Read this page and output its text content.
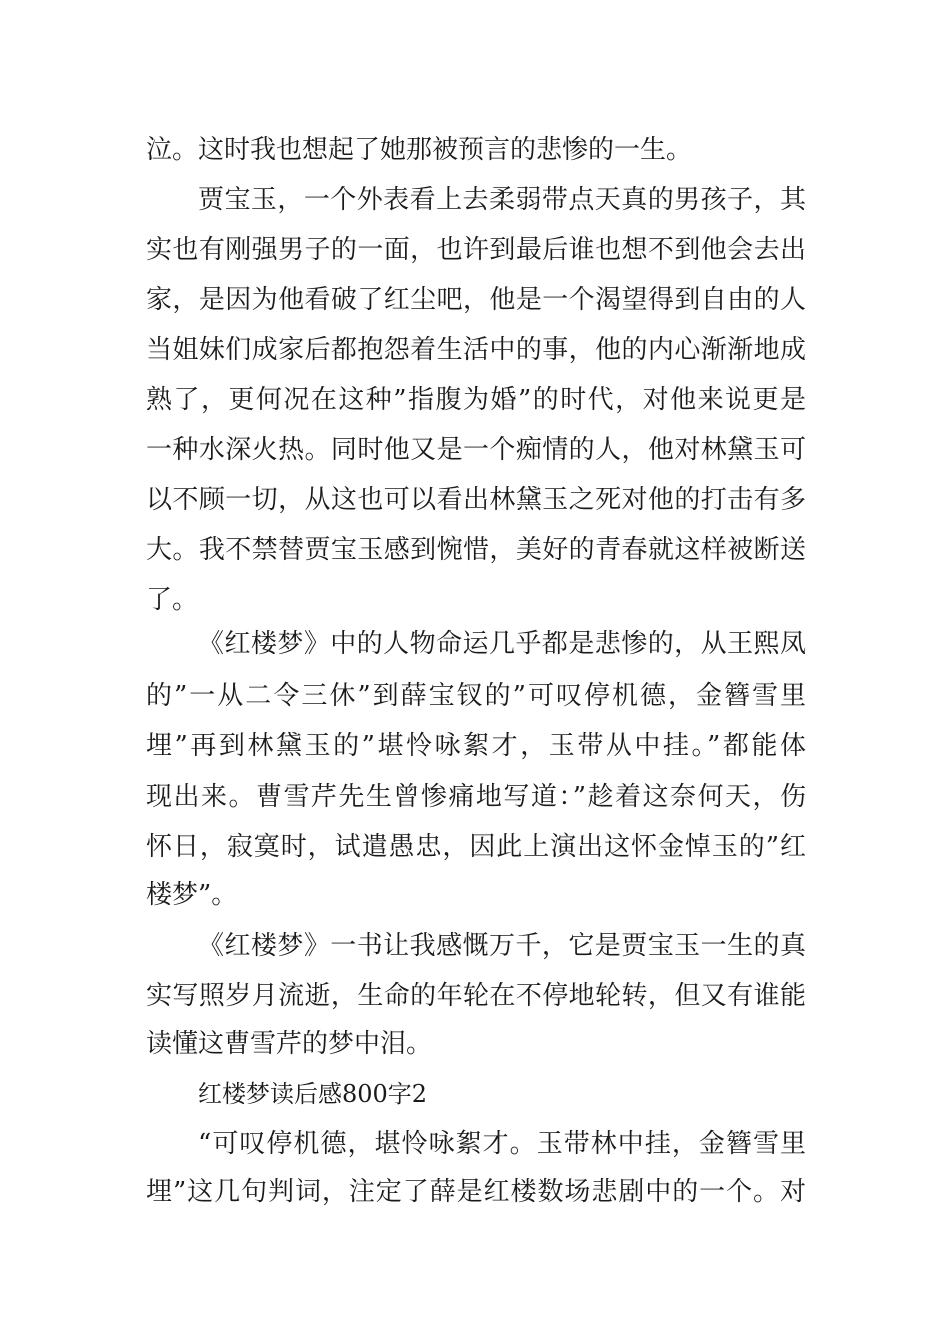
泣。这时我也想起了她那被预言的悲惨的一生。
贾宝玉，一个外表看上去柔弱带点天真的男孩子，其
实也有刚强男子的一面，也许到最后谁也想不到他会去出
家，是因为他看破了红尘吧，他是一个渴望得到自由的人
当姐妹们成家后都抱怨着生活中的事，他的内心渐渐地成
熟了，更何况在这种”指腹为婚”的时代，对他来说更是
一种水深火热。同时他又是一个痴情的人，他对林黛玉可
以不顾一切，从这也可以看出林黛玉之死对他的打击有多
大。我不禁替贾宝玉感到惋惜，美好的青春就这样被断送
了。
《红楼梦》中的人物命运几乎都是悲惨的，从王熙凤
的”一从二令三休”到薛宝钗的”可叹停机德，金簪雪里
埋”再到林黛玉的”堪怜咏絮才，玉带从中挂。”都能体
现出来。曹雪芹先生曾惨痛地写道：”趁着这奈何天，伤
怀日，寂寞时，试遣愚忠，因此上演出这怀金悼玉的”红
楼梦”。
《红楼梦》一书让我感慨万千，它是贾宝玉一生的真
实写照岁月流逝，生命的年轮在不停地轮转，但又有谁能
读懂这曹雪芹的梦中泪。
红楼梦读后感800字2
“可叹停机德，堪怜咏絮才。玉带林中挂，金簪雪里
埋”这几句判词，注定了薛是红楼数场悲剧中的一个。对
